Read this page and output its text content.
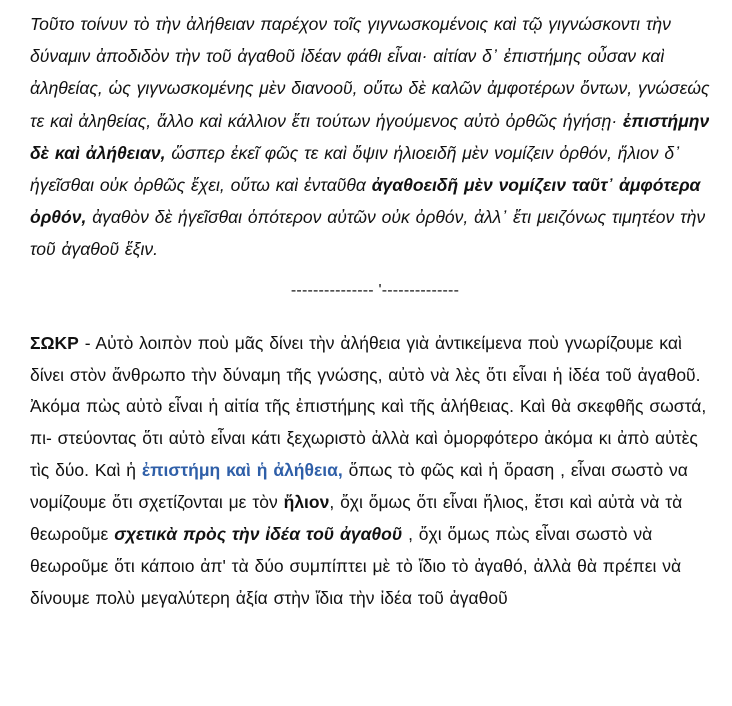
Τοῦτο τοίνυν τὸ τὴν ἀλήθειαν παρέχον τοῖς γιγνωσκομένοις καὶ τῷ γιγνώσκοντι τὴν δύναμιν ἀποδιδὸν τὴν τοῦ ἀγαθοῦ ἰδέαν φάθι εἶναι· αἰτίαν δ᾽ ἐπιστήμης οὖσαν καὶ ἀληθείας, ὡς γιγνωσκομένης μὲν διανοοῦ, οὕτω δὲ καλῶν ἀμφοτέρων ὄντων, γνώσεώς τε καὶ ἀληθείας, ἄλλο καὶ κάλλιον ἔτι τούτων ἡγούμενος αὐτὸ ὀρθῶς ἡγήσῃ· ἐπιστήμην δὲ καὶ ἀλήθειαν, ὥσπερ ἐκεῖ φῶς τε καὶ ὄψιν ἡλιοειδῆ μὲν νομίζειν ὀρθόν, ἥλιον δ᾽ ἡγεῖσθαι οὐκ ὀρθῶς ἔχει, οὕτω καὶ ἐνταῦθα ἀγαθοειδῆ μὲν νομίζειν ταῦτ᾽ ἀμφότερα ὀρθόν, ἀγαθὸν δὲ ἡγεῖσθαι ὁπότερον αὐτῶν οὐκ ὀρθόν, ἀλλ᾽ ἔτι μειζόνως τιμητέον τὴν τοῦ ἀγαθοῦ ἕξιν.

--------------- '--------------

ΣΩΚΡ - Αὐτὸ λοιπὸν ποὺ μᾶς δίνει τὴν ἀλήθεια γιὰ ἀντικείμενα ποὺ γνωρίζουμε καὶ δίνει στὸν ἄνθρωπο τὴν δύναμη τῆς γνώσης, αὐτὸ νὰ λὲς ὅτι εἶναι ἡ ἰδέα τοῦ ἀγαθοῦ. Ἀκόμα πὼς αὐτὸ εἶναι ἡ αἰτία τῆς ἐπιστήμης καὶ τῆς ἀλήθειας. Καὶ θὰ σκεφθῆς σωστά, πι- στεύοντας ὅτι αὐτὸ εἶναι κάτι ξεχωριστὸ ἀλλὰ καὶ ὀμορφότερο ἀκόμα κι ἀπὸ αὐτὲς τὶς δύο. Καὶ ἡ ἐπιστήμη καὶ ἡ ἀλήθεια, ὅπως τὸ φῶς καὶ ἡ ὅραση , εἶναι σωστὸ να νομίζουμε ὅτι σχετίζονται με τὸν ἥλιον, ὄχι ὅμως ὅτι εἶναι ἥλιος, ἔτσι καὶ αὐτὰ νὰ τὰ θεωροῦμε σχετικὰ πρὸς τὴν ἰδέα τοῦ ἀγαθοῦ , ὄχι ὅμως πὼς εἶναι σωστὸ νὰ θεωροῦμε ὅτι κάποιο ἀπ' τὰ δύο συμπίπτει μὲ τὸ ἴδιο τὸ ἀγαθό, ἀλλὰ θὰ πρέπει νὰ δίνουμε πολὺ μεγαλύτερη ἀξία στὴν ἴδια τὴν ἰδέα τοῦ ἀγαθοῦ
